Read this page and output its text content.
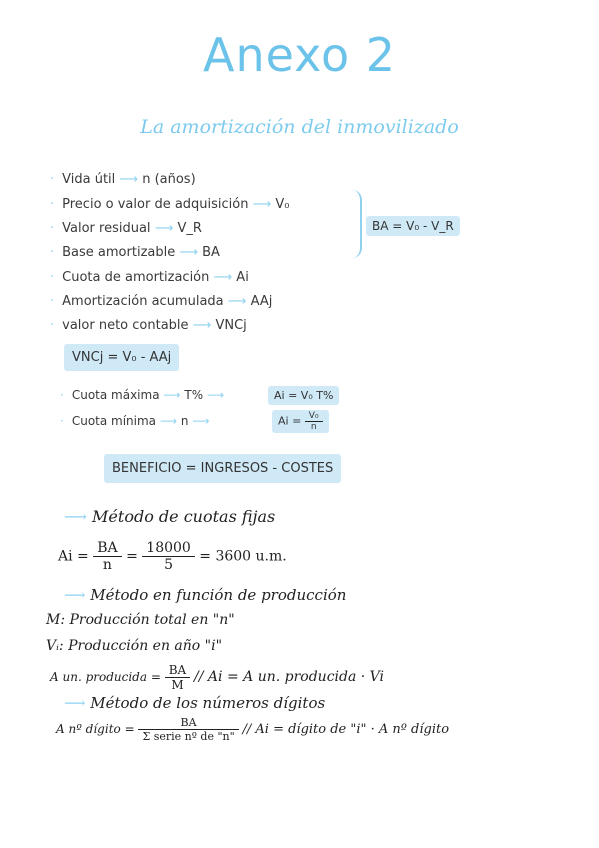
Anexo 2
La amortización del inmovilizado
· Vida útil ⟶ n (años)
· Precio o valor de adquisición ⟶ V₀
· Valor residual ⟶ V_R
· Base amortizable ⟶ BA
· Cuota de amortización ⟶ Ai
· Amortización acumulada ⟶ AAj
· valor neto contable ⟶ VNCj
BA = V₀ - V_R
VNCj = V₀ - AAj
· Cuota máxima ⟶ T% ⟶	Ai = V₀ T%
· Cuota mínima ⟶ n ⟶	$Ai = \frac{\text{V₀}}{n}$
BENEFICIO = INGRESOS - COSTES
⟶ Método de cuotas fijas
$Ai = \frac{BA}{n} = \frac{18000}{5} = 3600$ u.m.
⟶ Método en función de producción
M: Producción total en "n"
Vᵢ: Producción en año "i"
A un. producida = $\frac{BA}{M} // Ai = A$ un. producida · Vi
⟶ Método de los números dígitos
A nº dígito = $\frac{BA}{\text{Σ serie nº de "n"}}$ // Ai = dígito de "i" · A nº dígito
